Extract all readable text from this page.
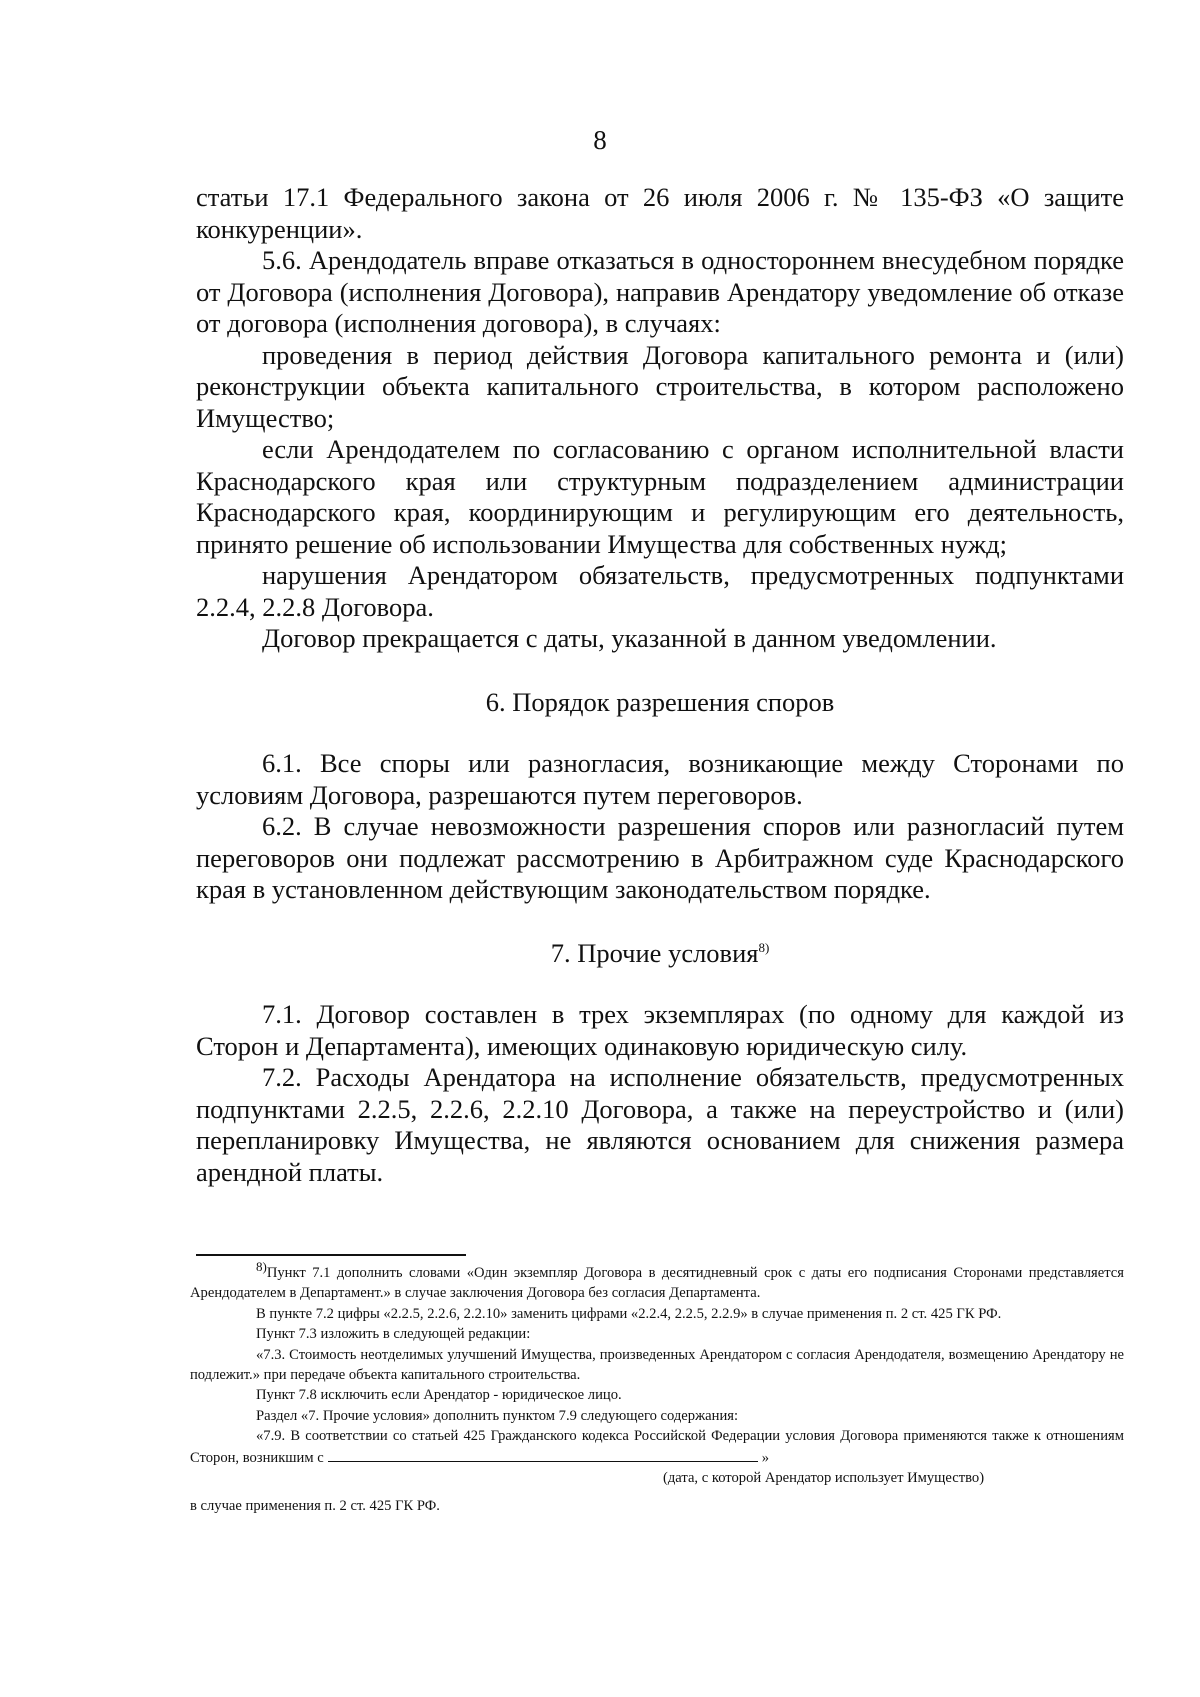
8

статьи 17.1 Федерального закона от 26 июля 2006 г. № 135-ФЗ «О защите конкуренции».

5.6. Арендодатель вправе отказаться в одностороннем внесудебном порядке от Договора (исполнения Договора), направив Арендатору уведомление об отказе от договора (исполнения договора), в случаях:

проведения в период действия Договора капитального ремонта и (или) реконструкции объекта капитального строительства, в котором расположено Имущество;

если Арендодателем по согласованию с органом исполнительной власти Краснодарского края или структурным подразделением администрации Краснодарского края, координирующим и регулирующим его деятельность, принято решение об использовании Имущества для собственных нужд;

нарушения Арендатором обязательств, предусмотренных подпунктами 2.2.4, 2.2.8 Договора.

Договор прекращается с даты, указанной в данном уведомлении.

6. Порядок разрешения споров

6.1. Все споры или разногласия, возникающие между Сторонами по условиям Договора, разрешаются путем переговоров.

6.2. В случае невозможности разрешения споров или разногласий путем переговоров они подлежат рассмотрению в Арбитражном суде Краснодарского края в установленном действующим законодательством порядке.

7. Прочие условия$^{8)}$

7.1. Договор составлен в трех экземплярах (по одному для каждой из Сторон и Департамента), имеющих одинаковую юридическую силу.

7.2. Расходы Арендатора на исполнение обязательств, предусмотренных подпунктами 2.2.5, 2.2.6, 2.2.10 Договора, а также на переустройство и (или) перепланировку Имущества, не являются основанием для снижения размера арендной платы.

8)Пункт 7.1 дополнить словами «Один экземпляр Договора в десятидневный срок с даты его подписания Сторонами представляется Арендодателем в Департамент.» в случае заключения Договора без согласия Департамента.

В пункте 7.2 цифры «2.2.5, 2.2.6, 2.2.10» заменить цифрами «2.2.4, 2.2.5, 2.2.9» в случае применения п. 2 ст. 425 ГК РФ.

Пункт 7.3 изложить в следующей редакции:

«7.3. Стоимость неотделимых улучшений Имущества, произведенных Арендатором с согласия Арендодателя, возмещению Арендатору не подлежит.» при передаче объекта капитального строительства.

Пункт 7.8 исключить если Арендатор - юридическое лицо.

Раздел «7. Прочие условия» дополнить пунктом 7.9 следующего содержания:

«7.9. В соответствии со статьей 425 Гражданского кодекса Российской Федерации условия Договора применяются также к отношениям Сторон, возникшим с	»

(дата, с которой Арендатор использует Имущество)

в случае применения п. 2 ст. 425 ГК РФ.
